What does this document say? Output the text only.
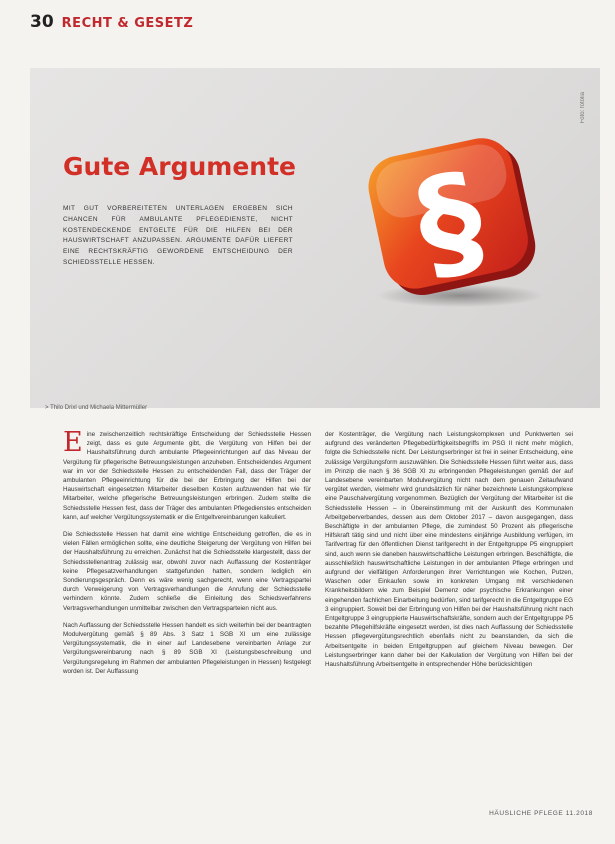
30 RECHT & GESETZ
Foto: fotolia
Gute Argumente

MIT GUT VORBEREITETEN UNTERLAGEN ERGEBEN SICH CHANCEN FÜR AMBULANTE PFLEGEDIENSTE, NICHT KOSTENDECKENDE ENTGELTE FÜR DIE HILFEN BEI DER HAUSWIRTSCHAFT ANZUPASSEN. ARGUMENTE DAFÜR LIEFERT EINE RECHTSKRÄFTIG GEWORDENE ENTSCHEIDUNG DER SCHIEDSSTELLE HESSEN.	§
> Thilo Drixl und Michaela Mittermüller

E ine zwischenzeitlich rechtskräftige Entscheidung der Schiedsstelle Hessen zeigt, dass es gute Argumente gibt, die Vergütung von Hilfen bei der Haushaltsführung durch ambulante Pflegeeinrichtungen auf das Niveau der Vergütung für pflegerische Betreuungsleistungen anzuheben. Entscheidendes Argument war im vor der Schiedsstelle Hessen zu entscheidenden Fall, dass der Träger der ambulanten Pflegeeinrichtung für die bei der Erbringung der Hilfen bei der Hauswirtschaft eingesetzten Mitarbeiter dieselben Kosten aufzuwenden hat wie für Mitarbeiter, welche pflegerische Betreuungsleistungen erbringen. Zudem stellte die Schiedsstelle Hessen fest, dass der Träger des ambulanten Pflegedienstes entscheiden kann, auf welcher Vergütungssystematik er die Entgeltvereinbarungen kalkuliert.

Die Schiedsstelle Hessen hat damit eine wichtige Entscheidung getroffen, die es in vielen Fällen ermöglichen sollte, eine deutliche Steigerung der Vergütung von Hilfen bei der Haushaltsführung zu erreichen. Zunächst hat die Schiedsstelle klargestellt, dass der Schiedsstellenantrag zulässig war, obwohl zuvor nach Auffassung der Kostenträger keine Pflegesatzverhandlungen stattgefunden hatten, sondern lediglich ein Sondierungsgespräch. Denn es wäre wenig sachgerecht, wenn eine Vertragspartei durch Verweigerung von Vertragsverhandlungen die Anrufung der Schiedsstelle verhindern könnte. Zudem schließe die Einleitung des Schiedsverfahrens Vertragsverhandlungen unmittelbar zwischen den Vertragsparteien nicht aus.

Nach Auffassung der Schiedsstelle Hessen handelt es sich weiterhin bei der beantragten Modulvergütung gemäß § 89 Abs. 3 Satz 1 SGB XI um eine zulässige Vergütungssystematik, die in einer auf Landesebene vereinbarten Anlage zur Vergütungsvereinbarung nach § 89 SGB XI (Leistungsbeschreibung und Vergütungsregelung im Rahmen der ambulanten Pflegeleistungen in Hessen) festgelegt worden ist. Der Auffassung

der Kostenträger, die Vergütung nach Leistungskomplexen und Punktwerten sei aufgrund des veränderten Pflegebedürftigkeitsbegriffs im PSG II nicht mehr möglich, folgte die Schiedsstelle nicht. Der Leistungserbringer ist frei in seiner Entscheidung, eine zulässige Vergütungsform auszuwählen. Die Schiedsstelle Hessen führt weiter aus, dass im Prinzip die nach § 36 SGB XI zu erbringenden Pflegeleistungen gemäß der auf Landesebene vereinbarten Modulvergütung nicht nach dem genauen Zeitaufwand vergütet werden, vielmehr wird grundsätzlich für näher bezeichnete Leistungskomplexe eine Pauschalvergütung vorgenommen. Bezüglich der Vergütung der Mitarbeiter ist die Schiedsstelle Hessen – in Übereinstimmung mit der Auskunft des Kommunalen Arbeitgeberverbandes, dessen aus dem Oktober 2017 – davon ausgegangen, dass Beschäftigte in der ambulanten Pflege, die zumindest 50 Prozent als pflegerische Hilfskraft tätig sind und nicht über eine mindestens einjährige Ausbildung verfügen, im Tarifvertrag für den öffentlichen Dienst tarifgerecht in der Entgeltgruppe P5 eingruppiert sind, auch wenn sie daneben hauswirtschaftliche Leistungen erbringen. Beschäftigte, die ausschließlich hauswirtschaftliche Leistungen in der ambulanten Pflege erbringen und aufgrund der vielfältigen Anforderungen ihrer Verrichtungen wie Kochen, Putzen, Waschen oder Einkaufen sowie im konkreten Umgang mit verschiedenen Krankheitsbildern wie zum Beispiel Demenz oder psychische Erkrankungen einer eingehenden fachlichen Einarbeitung bedürfen, sind tarifgerecht in die Entgeltgruppe EG 3 eingruppiert. Soweit bei der Erbringung von Hilfen bei der Haushaltsführung nicht nach Entgeltgruppe 3 eingruppierte Hauswirtschaftskräfte, sondern auch der Entgeltgruppe P5 bezahlte Pflegehilfskräfte eingesetzt werden, ist dies nach Auffassung der Schiedsstelle Hessen pflegevergütungsrechtlich ebenfalls nicht zu beanstanden, da sich die Arbeitsentgelte in beiden Entgeltgruppen auf gleichem Niveau bewegen. Der Leistungserbringer kann daher bei der Kalkulation der Vergütung von Hilfen bei der Haushaltsführung Arbeitsentgelte in entsprechender Höhe berücksichtigen

HÄUSLICHE PFLEGE 11.2018
